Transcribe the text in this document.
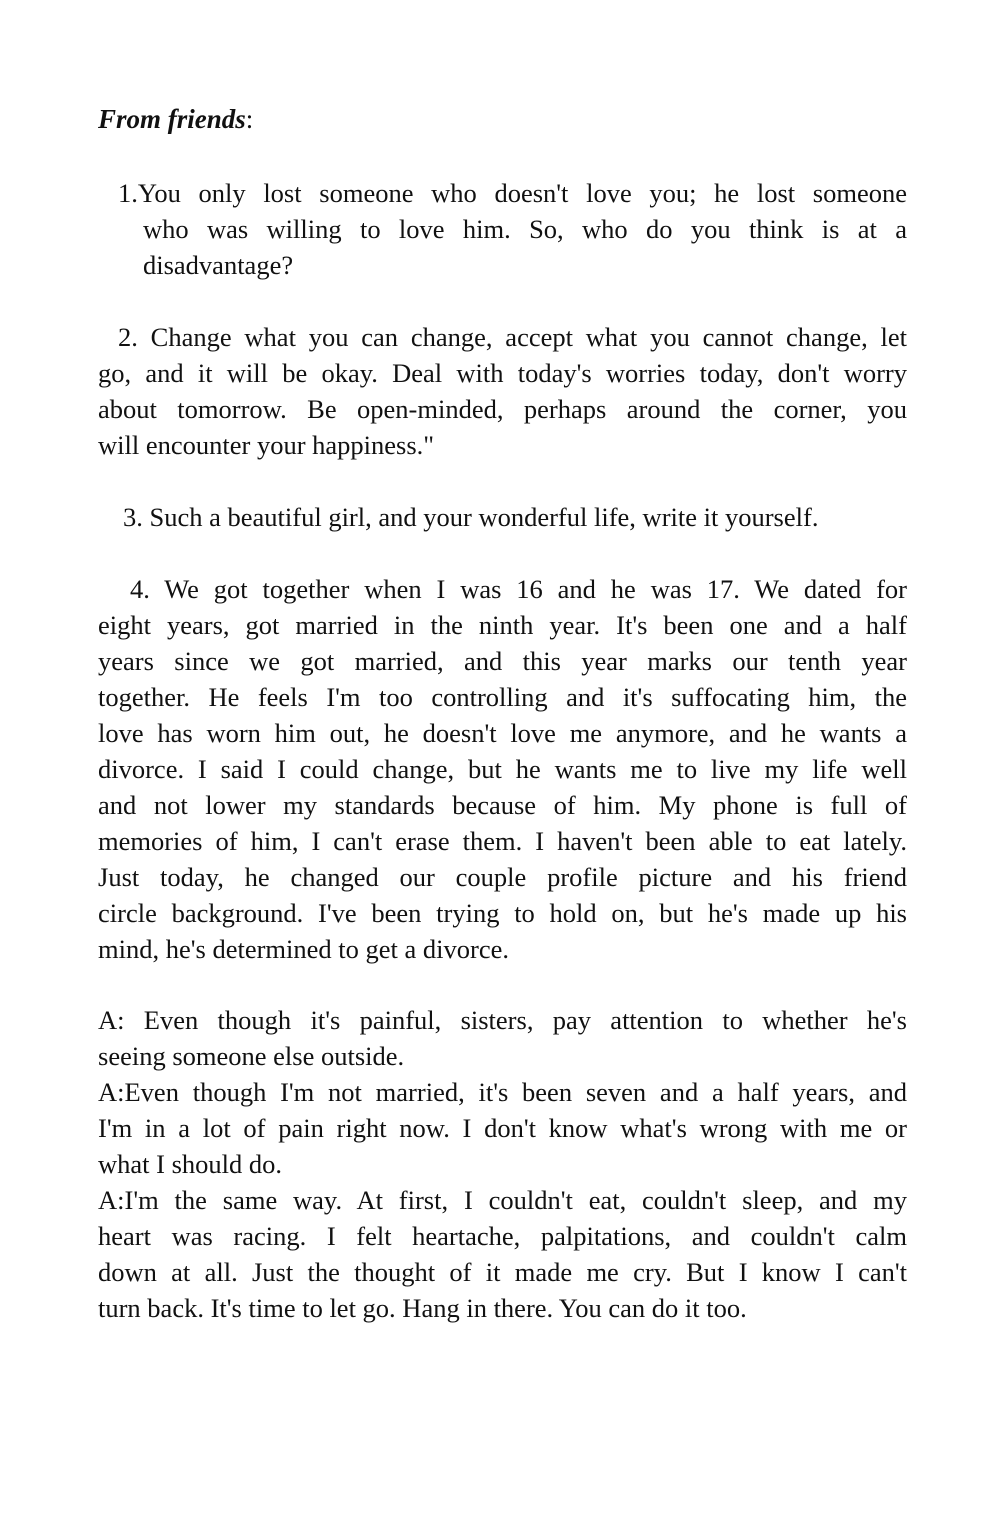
From friends:
1.You only lost someone who doesn't love you; he lost someone
who was willing to love him. So, who do you think is at a
disadvantage?
2. Change what you can change, accept what you cannot change, let
go, and it will be okay. Deal with today's worries today, don't worry
about tomorrow. Be open-minded, perhaps around the corner, you
will encounter your happiness."
3. Such a beautiful girl, and your wonderful life, write it yourself.
4. We got together when I was 16 and he was 17. We dated for
eight years, got married in the ninth year. It's been one and a half
years since we got married, and this year marks our tenth year
together. He feels I'm too controlling and it's suffocating him, the
love has worn him out, he doesn't love me anymore, and he wants a
divorce. I said I could change, but he wants me to live my life well
and not lower my standards because of him. My phone is full of
memories of him, I can't erase them. I haven't been able to eat lately.
Just today, he changed our couple profile picture and his friend
circle background. I've been trying to hold on, but he's made up his
mind, he's determined to get a divorce.
A: Even though it's painful, sisters, pay attention to whether he's
seeing someone else outside.
A:Even though I'm not married, it's been seven and a half years, and
I'm in a lot of pain right now. I don't know what's wrong with me or
what I should do.
A:I'm the same way. At first, I couldn't eat, couldn't sleep, and my
heart was racing. I felt heartache, palpitations, and couldn't calm
down at all. Just the thought of it made me cry. But I know I can't
turn back. It's time to let go. Hang in there. You can do it too.
